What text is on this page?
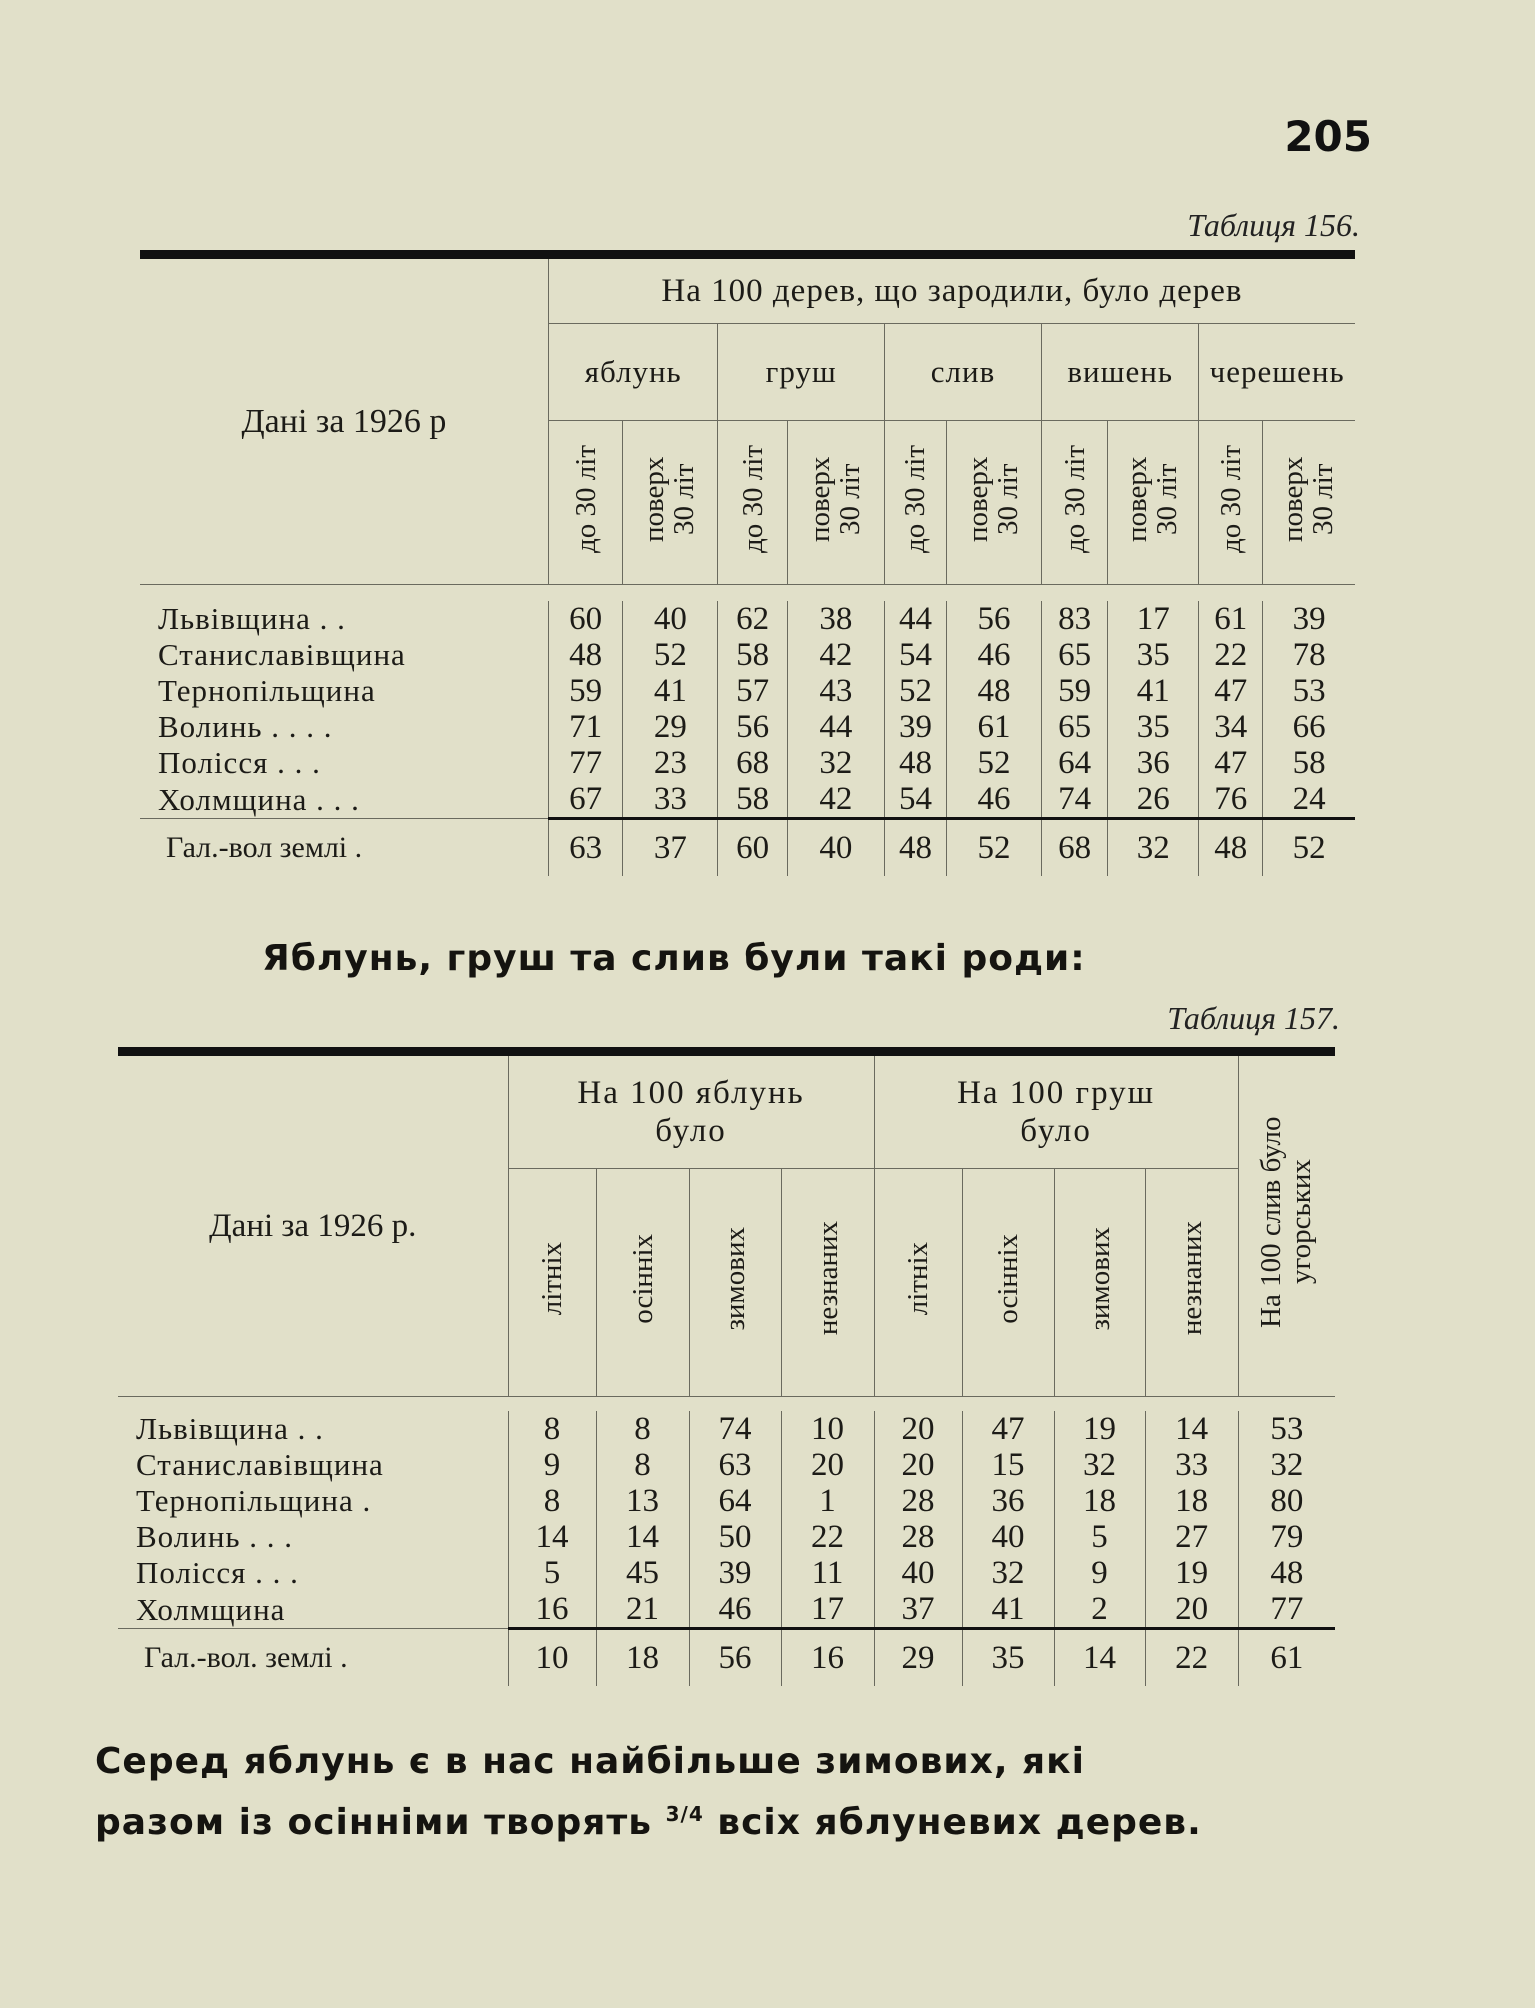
205
Таблиця 156.
Дані за 1926 р	На 100 дерев, що зародили, було дерев									
	яблунь		груш		слив		вишень		черешень	
	до 30 літ	поверх 30 літ	до 30 літ	поверх 30 літ	до 30 літ	поверх 30 літ	до 30 літ	поверх 30 літ	до 30 літ	поверх 30 літ

Львівщина . .	60	40	62	38	44	56	83	17	61	39
Станиславівщина	48	52	58	42	54	46	65	35	22	78
Тернопільщина	59	41	57	43	52	48	59	41	47	53
Волинь . . . .	71	29	56	44	39	61	65	35	34	66
Полісся . . .	77	23	68	32	48	52	64	36	47	58
Холмщина . . .	67	33	58	42	54	46	74	26	76	24
Гал.-вол землі .	63	37	60	40	48	52	68	32	48	52
Яблунь, груш та слив були такі роди:
Таблиця 157.
Дані за 1926 р.	На 100 яблунь було				На 100 груш було				На 100 слив було угорських
	літніх	осінніх	зимових	незнаних	літніх	осінніх	зимових	незнаних	

Львівщина . .	8	8	74	10	20	47	19	14	53
Станиславівщина	9	8	63	20	20	15	32	33	32
Тернопільщина .	8	13	64	1	28	36	18	18	80
Волинь . . .	14	14	50	22	28	40	5	27	79
Полісся . . .	5	45	39	11	40	32	9	19	48
Холмщина	16	21	46	17	37	41	2	20	77
Гал.-вол. землі .	10	18	56	16	29	35	14	22	61
Серед яблунь є в нас найбільше зимових, які
разом із осінніми творять $^{3/4}$ всіх яблуневих дерев.
